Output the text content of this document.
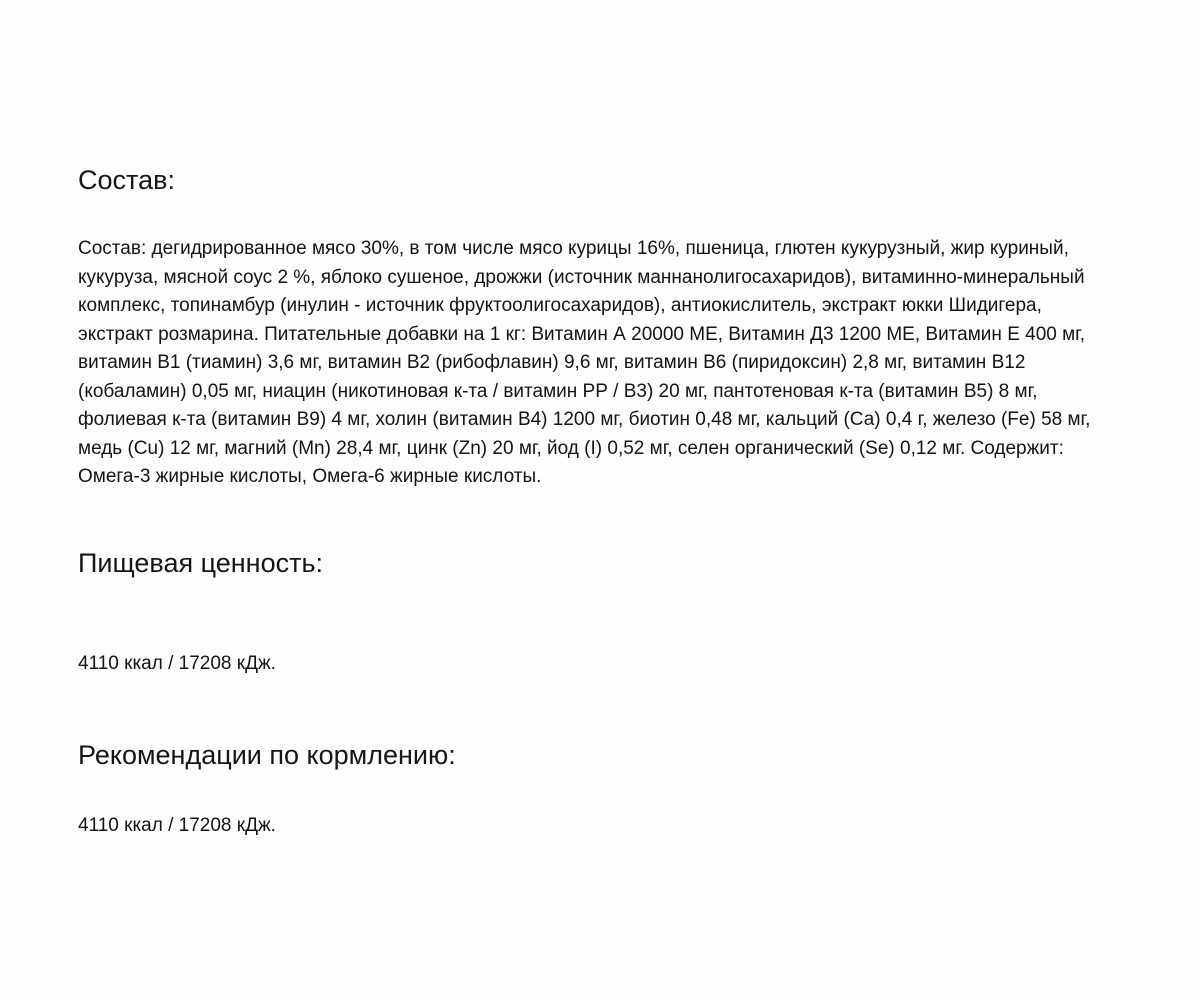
Состав:

Состав: дегидрированное мясо 30%, в том числе мясо курицы 16%, пшеница, глютен кукурузный, жир куриный, кукуруза, мясной соус 2 %, яблоко сушеное, дрожжи (источник маннанолигосахаридов), витаминно-минеральный комплекс, топинамбур (инулин - источник фруктоолигосахаридов), антиокислитель, экстракт юкки Шидигера, экстракт розмарина. Питательные добавки на 1 кг: Витамин А 20000 МЕ, Витамин Д3 1200 МЕ, Витамин Е 400 мг, витамин В1 (тиамин) 3,6 мг, витамин В2 (рибофлавин) 9,6 мг, витамин В6 (пиридоксин) 2,8 мг, витамин В12 (кобаламин) 0,05 мг, ниацин (никотиновая к-та / витамин РР / В3) 20 мг, пантотеновая к-та (витамин В5) 8 мг, фолиевая к-та (витамин В9) 4 мг, холин (витамин В4) 1200 мг, биотин 0,48 мг, кальций (Са) 0,4 г, железо (Fe) 58 мг, медь (Cu) 12 мг, магний (Mn) 28,4 мг, цинк (Zn) 20 мг, йод (I) 0,52 мг, селен органический (Se) 0,12 мг. Содержит: Омега-3 жирные кислоты, Омега-6 жирные кислоты.

Пищевая ценность:

4110 ккал / 17208 кДж.

Рекомендации по кормлению:

4110 ккал / 17208 кДж.
